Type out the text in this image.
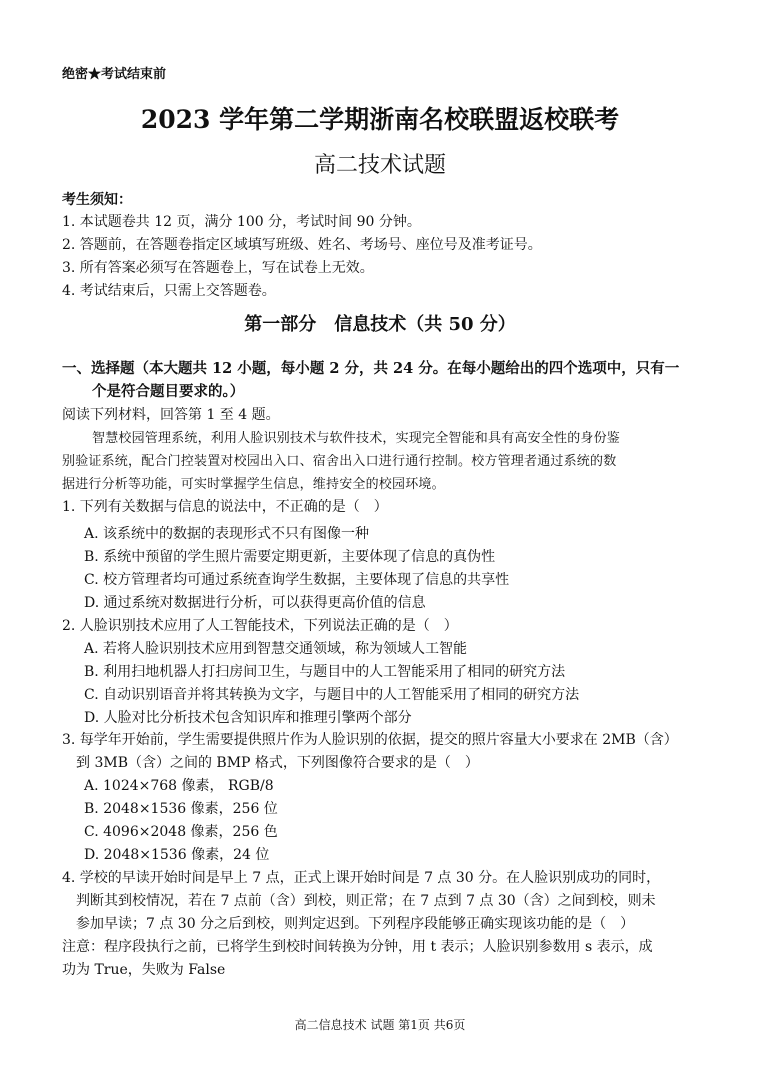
绝密★考试结束前
2023 学年第二学期浙南名校联盟返校联考
高二技术试题
考生须知：
1. 本试题卷共 12 页，满分 100 分，考试时间 90 分钟。
2. 答题前，在答题卷指定区域填写班级、姓名、考场号、座位号及准考证号。
3. 所有答案必须写在答题卷上，写在试卷上无效。
4. 考试结束后，只需上交答题卷。
第一部分　信息技术（共 50 分）
一、选择题（本大题共 12 小题，每小题 2 分，共 24 分。在每小题给出的四个选项中，只有一
个是符合题目要求的。）
阅读下列材料，回答第 1 至 4 题。
智慧校园管理系统，利用人脸识别技术与软件技术，实现完全智能和具有高安全性的身份鉴
别验证系统，配合门控装置对校园出入口、宿舍出入口进行通行控制。校方管理者通过系统的数
据进行分析等功能，可实时掌握学生信息，维持安全的校园环境。
1. 下列有关数据与信息的说法中，不正确的是（　）
A. 该系统中的数据的表现形式不只有图像一种
B. 系统中预留的学生照片需要定期更新，主要体现了信息的真伪性
C. 校方管理者均可通过系统查询学生数据，主要体现了信息的共享性
D. 通过系统对数据进行分析，可以获得更高价值的信息
2. 人脸识别技术应用了人工智能技术，下列说法正确的是（　）
A. 若将人脸识别技术应用到智慧交通领域，称为领域人工智能
B. 利用扫地机器人打扫房间卫生，与题目中的人工智能采用了相同的研究方法
C. 自动识别语音并将其转换为文字，与题目中的人工智能采用了相同的研究方法
D. 人脸对比分析技术包含知识库和推理引擎两个部分
3. 每学年开始前，学生需要提供照片作为人脸识别的依据，提交的照片容量大小要求在 2MB（含）
到 3MB（含）之间的 BMP 格式，下列图像符合要求的是（　）
A. 1024×768 像素， RGB/8
B. 2048×1536 像素，256 位
C. 4096×2048 像素，256 色
D. 2048×1536 像素，24 位
4. 学校的早读开始时间是早上 7 点，正式上课开始时间是 7 点 30 分。在人脸识别成功的同时，
判断其到校情况，若在 7 点前（含）到校，则正常；在 7 点到 7 点 30（含）之间到校，则未
参加早读；7 点 30 分之后到校，则判定迟到。下列程序段能够正确实现该功能的是（　）
注意：程序段执行之前，已将学生到校时间转换为分钟，用 t 表示；人脸识别参数用 s 表示，成
功为 True，失败为 False
高二信息技术 试题 第1页 共6页
